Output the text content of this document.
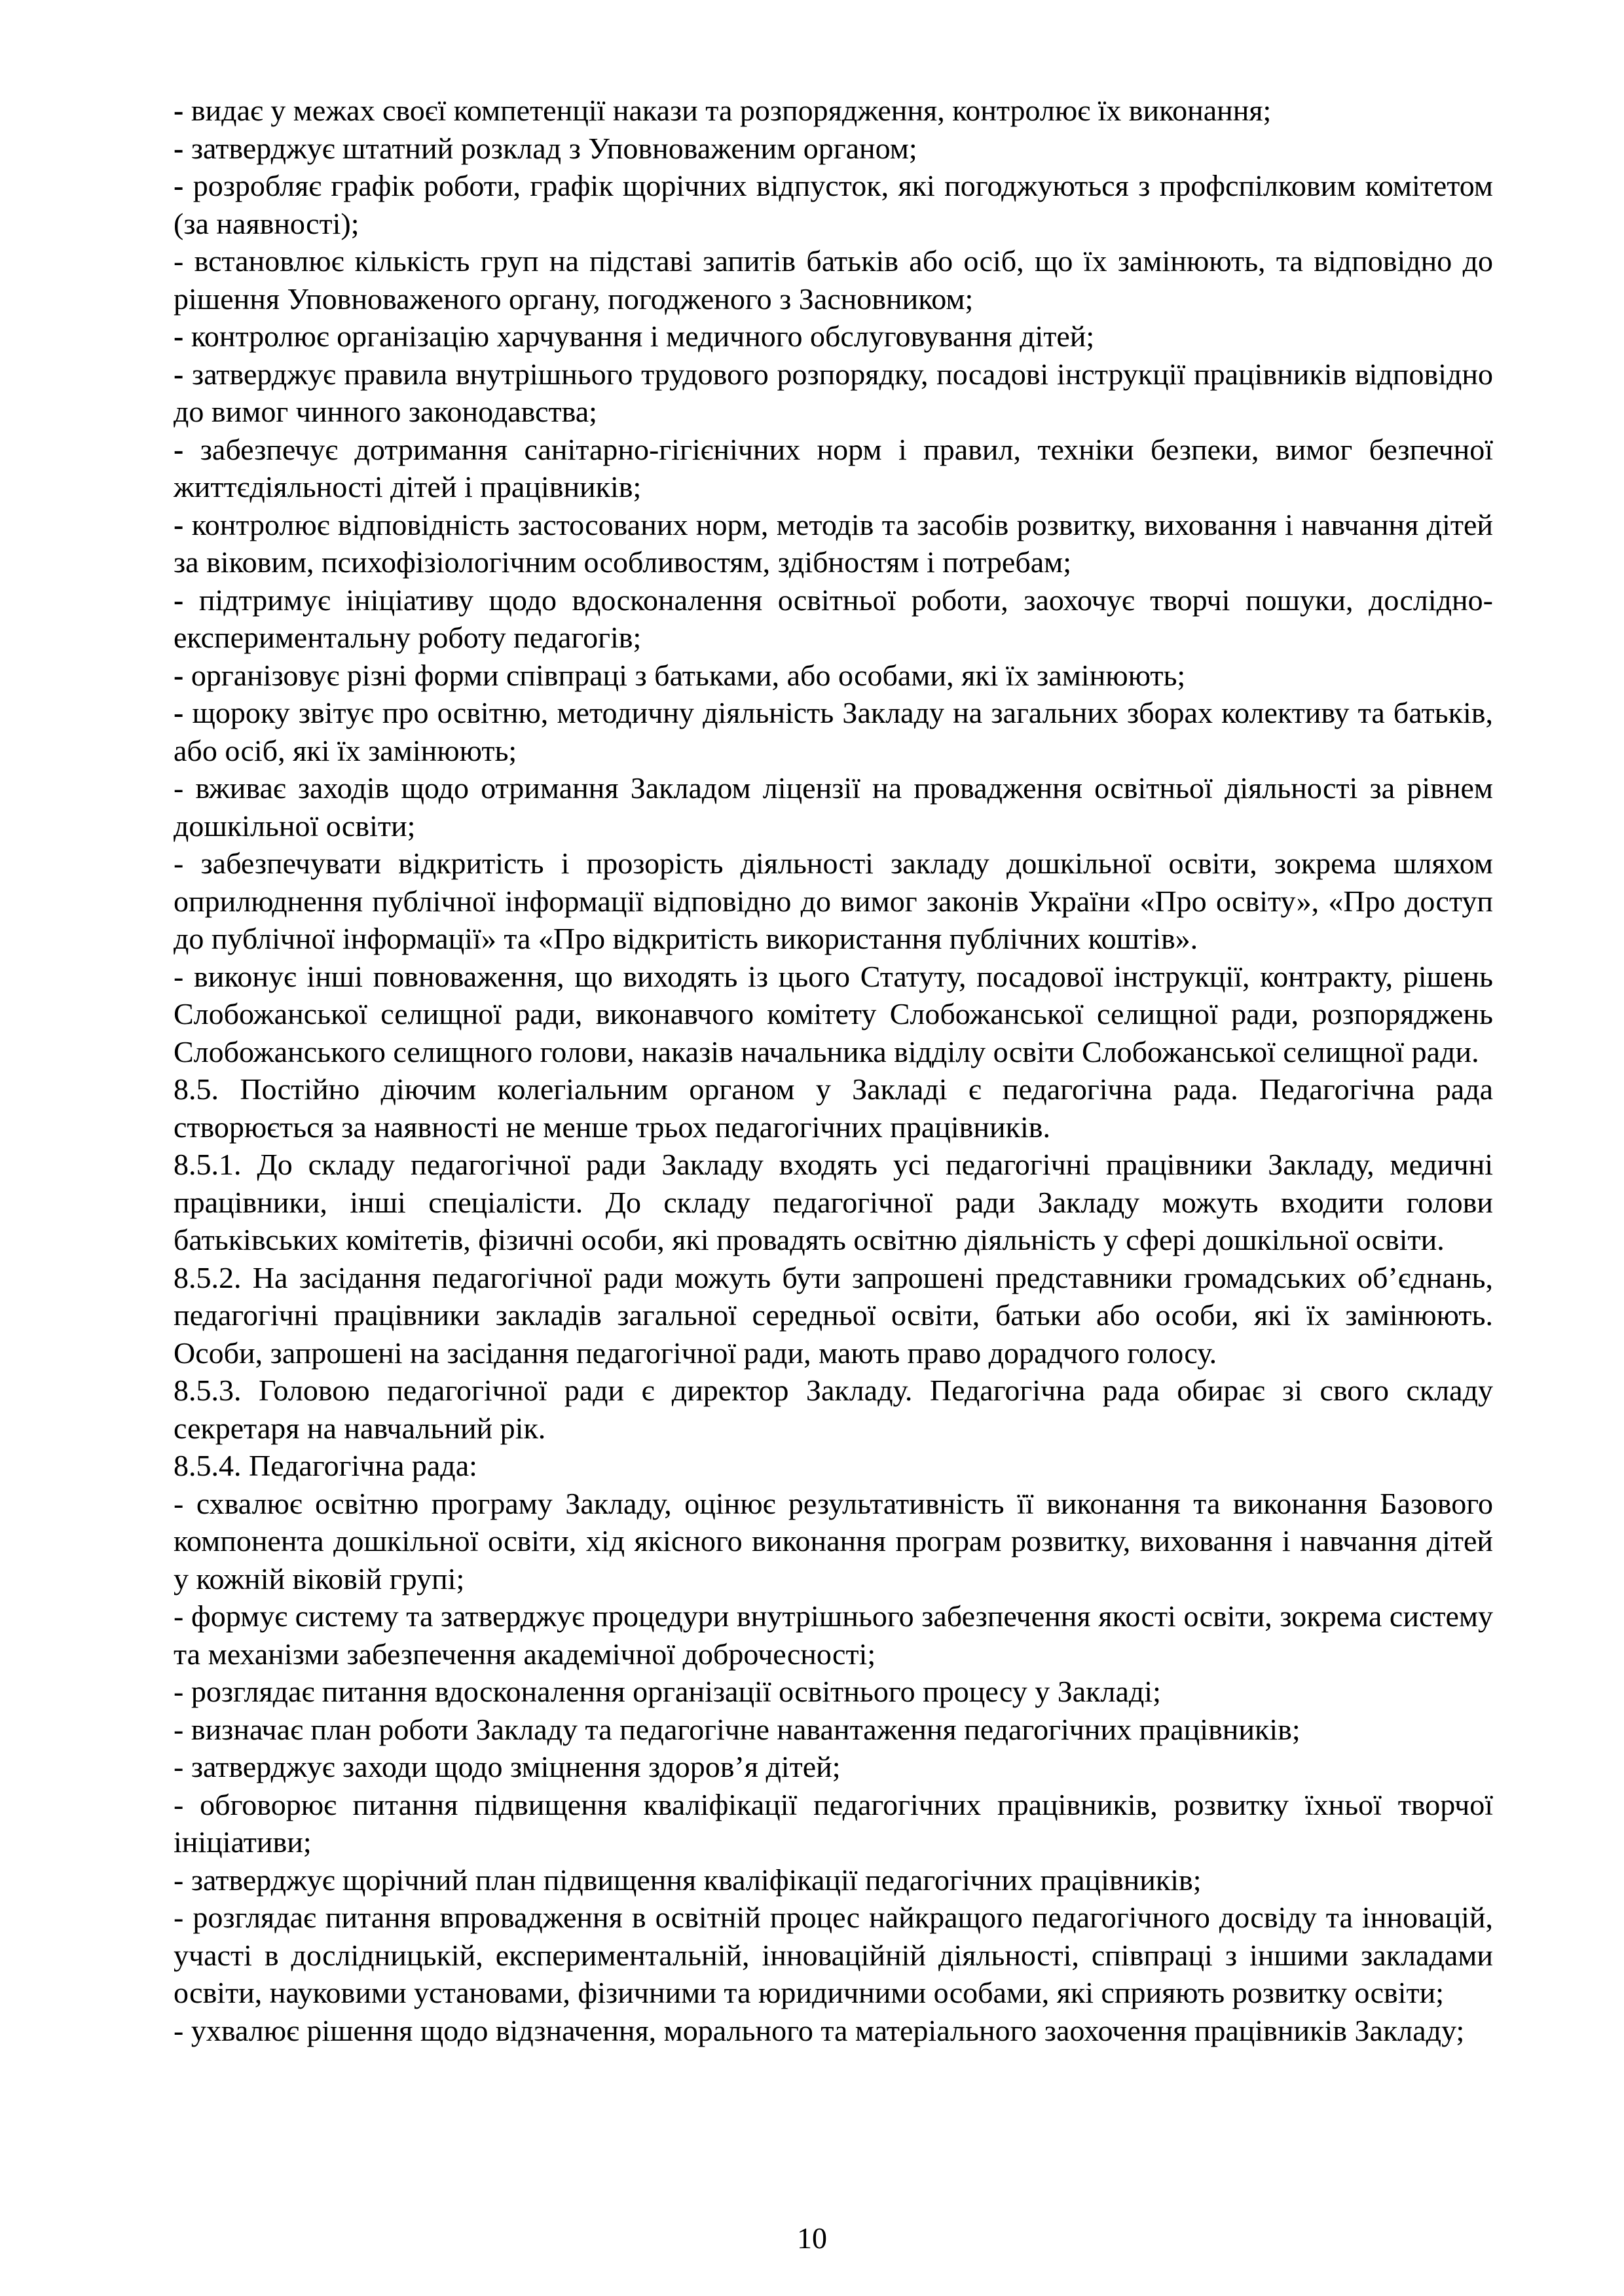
- видає у межах своєї компетенції накази та розпорядження, контролює їх виконання;

- затверджує штатний розклад з Уповноваженим органом;

- розробляє графік роботи, графік щорічних відпусток, які погоджуються з профспілковим комітетом (за наявності);

- встановлює кількість груп на підставі запитів батьків або осіб, що їх замінюють, та відповідно до рішення Уповноваженого органу, погодженого з Засновником;

- контролює організацію харчування і медичного обслуговування дітей;

- затверджує правила внутрішнього трудового розпорядку, посадові інструкції працівників відповідно до вимог чинного законодавства;

- забезпечує дотримання санітарно-гігієнічних норм і правил, техніки безпеки, вимог безпечної життєдіяльності дітей і працівників;

- контролює відповідність застосованих норм, методів та засобів розвитку, виховання і навчання дітей за віковим, психофізіологічним особливостям, здібностям і потребам;

- підтримує ініціативу щодо вдосконалення освітньої роботи, заохочує творчі пошуки, дослідно-експериментальну роботу педагогів;

- організовує різні форми співпраці з батьками, або особами, які їх замінюють;

- щороку звітує про освітню, методичну діяльність Закладу на загальних зборах колективу та батьків, або осіб, які їх замінюють;

- вживає заходів щодо отримання Закладом ліцензії на провадження освітньої діяльності за рівнем дошкільної освіти;

- забезпечувати відкритість і прозорість діяльності закладу дошкільної освіти, зокрема шляхом оприлюднення публічної інформації відповідно до вимог законів України «Про освіту», «Про доступ до публічної інформації» та «Про відкритість використання публічних коштів».

- виконує інші повноваження, що виходять із цього Статуту, посадової інструкції, контракту, рішень Слобожанської селищної ради, виконавчого комітету Слобожанської селищної ради, розпоряджень Слобожанського селищного голови, наказів начальника відділу освіти Слобожанської селищної ради.

8.5. Постійно діючим колегіальним органом у Закладі є педагогічна рада. Педагогічна рада створюється за наявності не менше трьох педагогічних працівників.

8.5.1. До складу педагогічної ради Закладу входять усі педагогічні працівники Закладу, медичні працівники, інші спеціалісти. До складу педагогічної ради Закладу можуть входити голови батьківських комітетів, фізичні особи, які провадять освітню діяльність у сфері дошкільної освіти.

8.5.2. На засідання педагогічної ради можуть бути запрошені представники громадських об’єднань, педагогічні працівники закладів загальної середньої освіти, батьки або особи, які їх замінюють. Особи, запрошені на засідання педагогічної ради, мають право дорадчого голосу.

8.5.3. Головою педагогічної ради є директор Закладу. Педагогічна рада обирає зі свого складу секретаря на навчальний рік.

8.5.4. Педагогічна рада:

- схвалює освітню програму Закладу, оцінює результативність її виконання та виконання Базового компонента дошкільної освіти, хід якісного виконання програм розвитку, виховання і навчання дітей у кожній віковій групі;

- формує систему та затверджує процедури внутрішнього забезпечення якості освіти, зокрема систему та механізми забезпечення академічної доброчесності;

- розглядає питання вдосконалення організації освітнього процесу у Закладі;

- визначає план роботи Закладу та педагогічне навантаження педагогічних працівників;

- затверджує заходи щодо зміцнення здоров’я дітей;

- обговорює питання підвищення кваліфікації педагогічних працівників, розвитку їхньої творчої ініціативи;

- затверджує щорічний план підвищення кваліфікації педагогічних працівників;

- розглядає питання впровадження в освітній процес найкращого педагогічного досвіду та інновацій, участі в дослідницькій, експериментальній, інноваційній діяльності, співпраці з іншими закладами освіти, науковими установами, фізичними та юридичними особами, які сприяють розвитку освіти;

- ухвалює рішення щодо відзначення, морального та матеріального заохочення працівників Закладу;

10
